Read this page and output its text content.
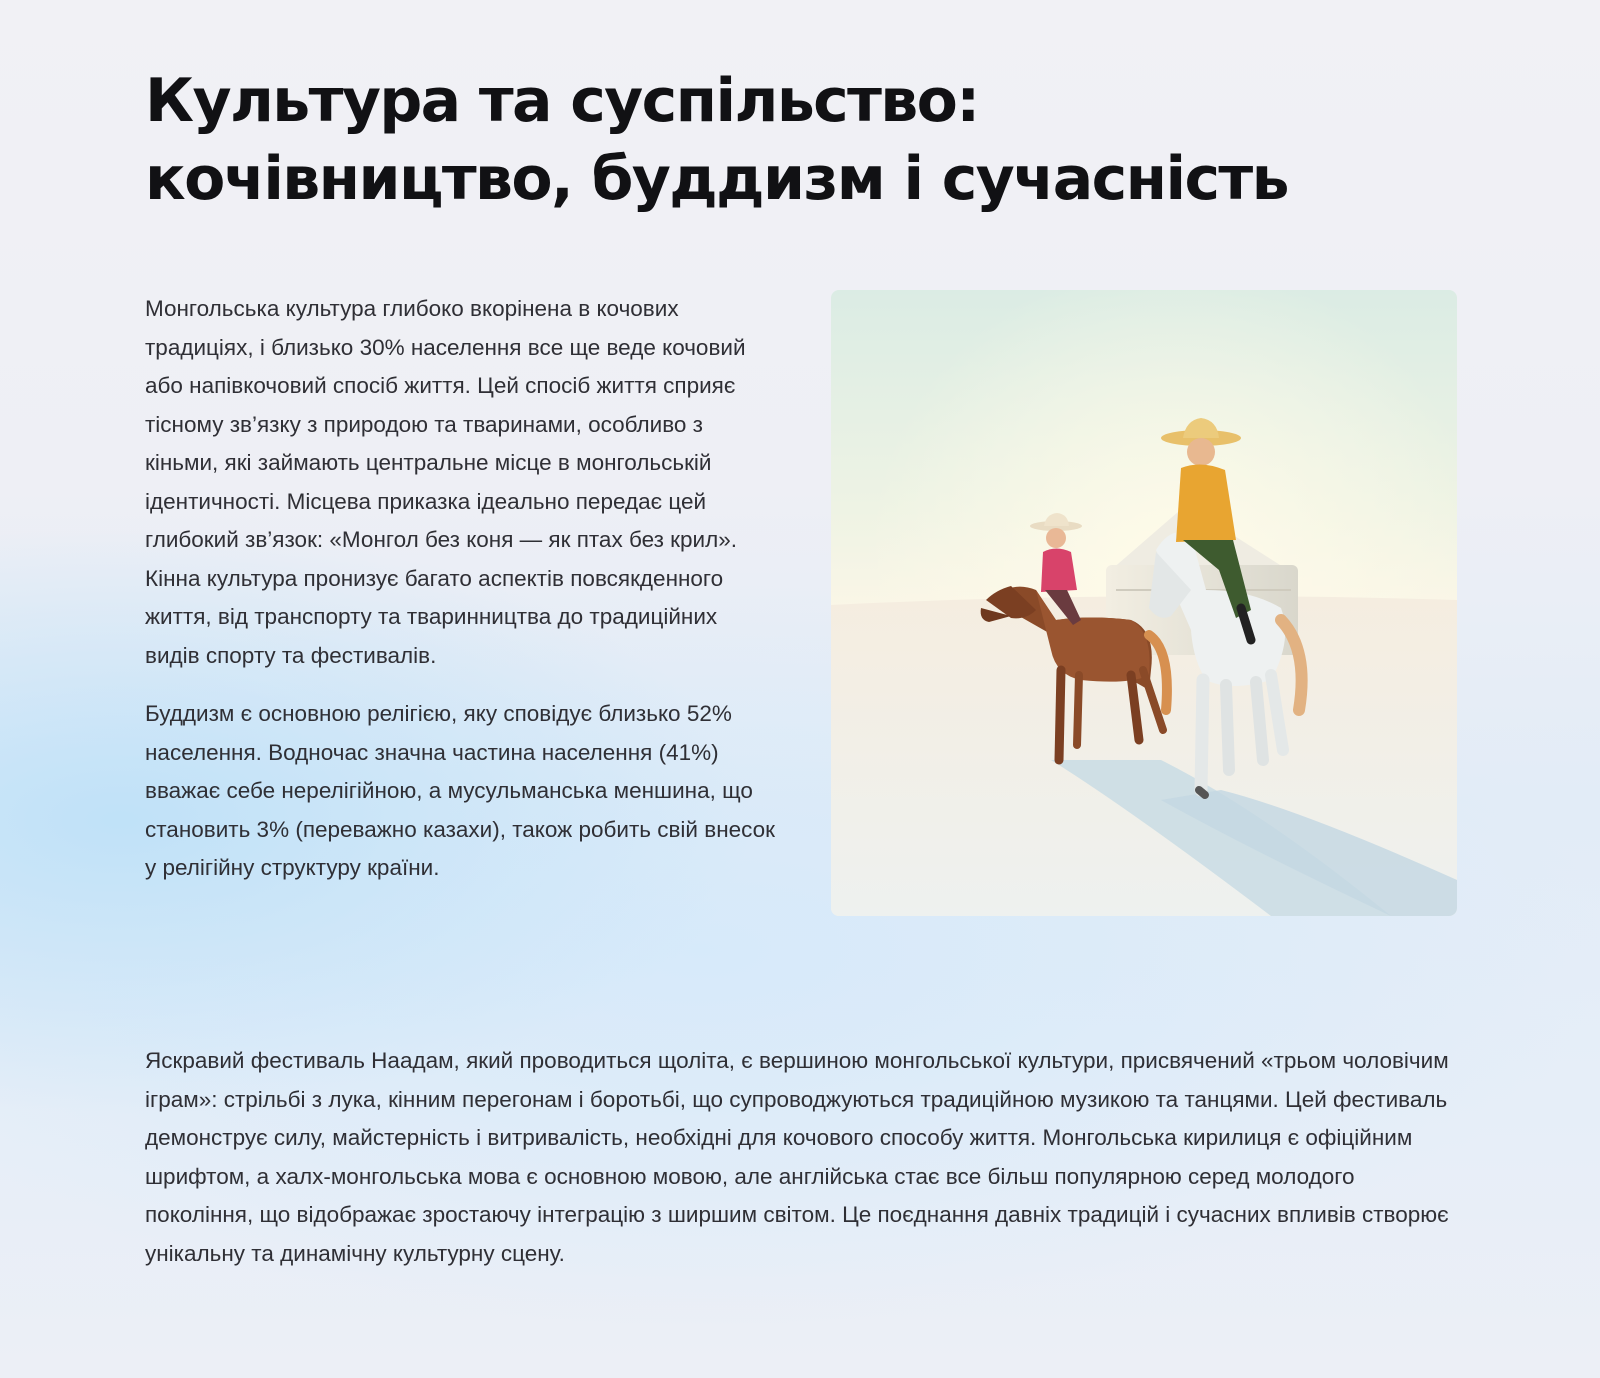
Культура та суспільство: кочівництво, буддизм і сучасність

Монгольська культура глибоко вкорінена в кочових традиціях, і близько 30% населення все ще веде кочовий або напівкочовий спосіб життя. Цей спосіб життя сприяє тісному зв’язку з природою та тваринами, особливо з кіньми, які займають центральне місце в монгольській ідентичності. Місцева приказка ідеально передає цей глибокий зв’язок: «Монгол без коня — як птах без крил». Кінна культура пронизує багато аспектів повсякденного життя, від транспорту та тваринництва до традиційних видів спорту та фестивалів.

Буддизм є основною релігією, яку сповідує близько 52% населення. Водночас значна частина населення (41%) вважає себе нерелігійною, а мусульманська меншина, що становить 3% (переважно казахи), також робить свій внесок у релігійну структуру країни.

Яскравий фестиваль Наадам, який проводиться щоліта, є вершиною монгольської культури, присвячений «трьом чоловічим іграм»: стрільбі з лука, кінним перегонам і боротьбі, що супроводжуються традиційною музикою та танцями. Цей фестиваль демонструє силу, майстерність і витривалість, необхідні для кочового способу життя. Монгольська кирилиця є офіційним шрифтом, а халх-монгольська мова є основною мовою, але англійська стає все більш популярною серед молодого покоління, що відображає зростаючу інтеграцію з ширшим світом. Це поєднання давніх традицій і сучасних впливів створює унікальну та динамічну культурну сцену.
